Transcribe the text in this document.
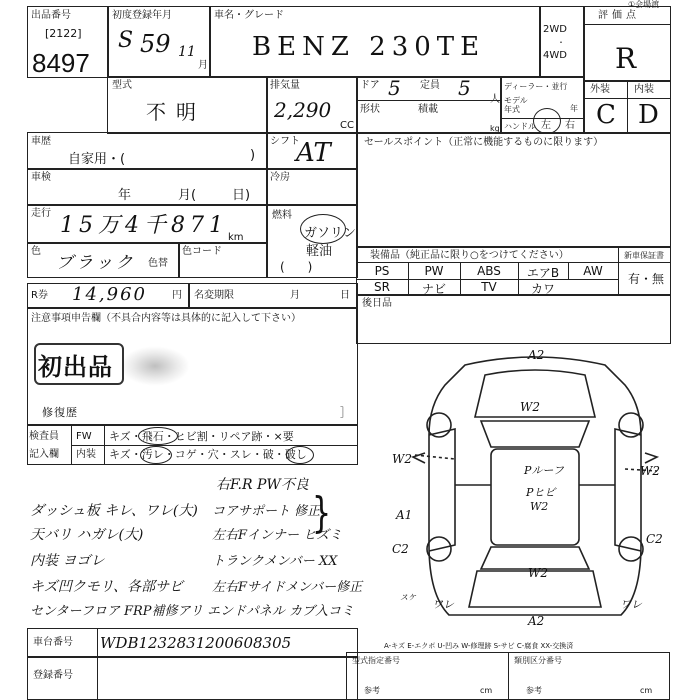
①会場渡
出品番号
[2122]
8497
初度登録年月
S 59 11
月
車名・グレード
BENZ 230TE
2WD
・
4WD
評価点
R
型式
不明
排気量
2,290
CC
ドア 5 定員 5 人
形状	積載
kg
ディーラー・並行
モデル
年式	年
ハンドル 左 右
外装 内装
C D
車歴
自家用・(	)
シフト
AT	セールスポイント（正常に機能するものに限ります）
車検
年	月(	日)
冷房
走行 15万4千871 km
燃料
ガソリン
軽油
(      )
色
ブラック 色替
色コード	装備品（純正品に限り○をつけてください）	新車保証書
有・無
PS	PW	ABS	エアB	AW
SR	ナビ	TV	カワ
R券 14,960	円 名変期限	月	日
後日品
注意事項申告欄（不具合内容等は具体的に記入して下さい）
初出品
修復歴	］
検査員
記入欄
FW キズ・飛石・ヒビ割・リペア跡・×要
内装 キズ・汚レ・コゲ・穴・スレ・破・破し
右F.R PW不良
ダッシュ板 キレ、ワレ(大) コアサポート 修正
天バリ ハガレ(大)	左右Fインナー ヒズミ
内装 ヨゴレ	トランクメンバー XX
キズ凹クモリ、各部サビ 左右Fサイドメンバー修正
センターフロア FRP補修アリ エンドパネル カブ入コミ
}
A2
W2
W2
W2
Pルーフ
Pヒビ
W2
A1
C2
C2
W2
スケ
ワレ	ワレ
A2
A-キズ E-エクボ U-凹み W-修理跡 S-サビ C-腐食 XX-交換済
車台番号 WDB1232831200608305
登録番号
型式指定番号
参考
類別区分番号
参考
cm	cm
